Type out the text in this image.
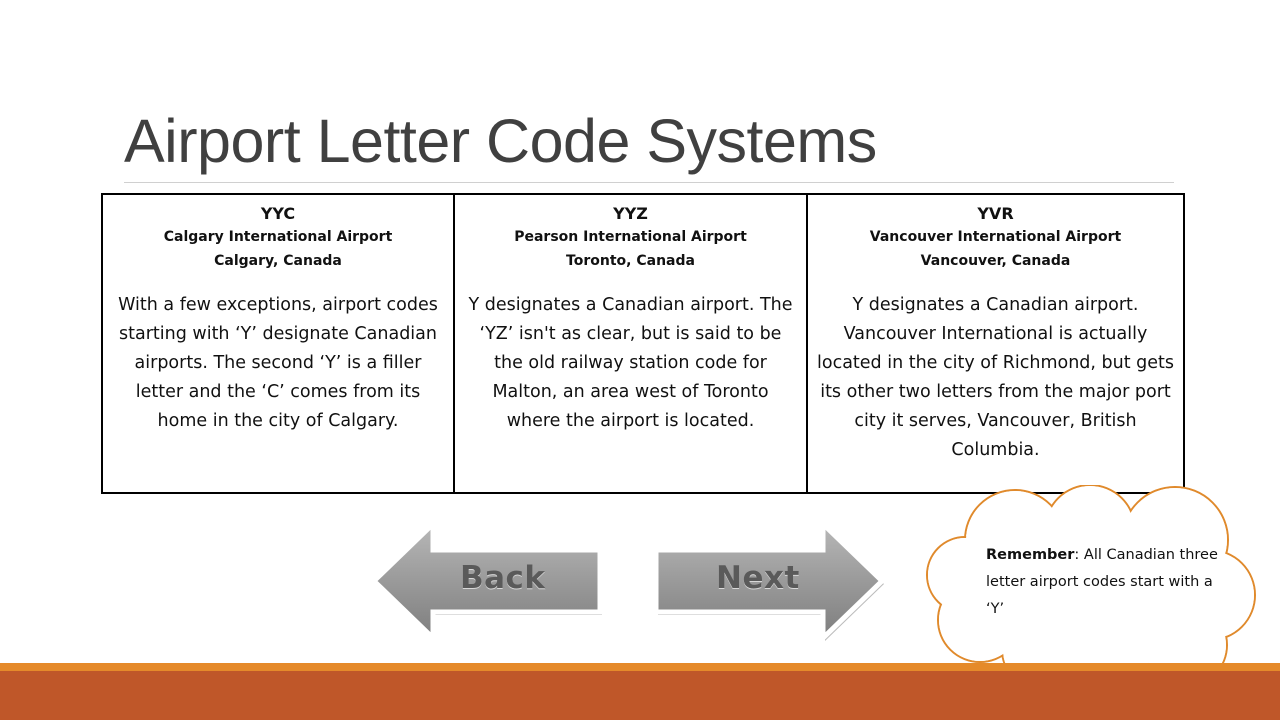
Airport Letter Code Systems
YYC
Calgary International Airport
Calgary, Canada
With a few exceptions, airport codes starting with ‘Y’ designate Canadian airports. The second ‘Y’ is a filler letter and the ‘C’ comes from its home in the city of Calgary.
YYZ
Pearson International Airport
Toronto, Canada
Y designates a Canadian airport. The ‘YZ’ isn't as clear, but is said to be the old railway station code for Malton, an area west of Toronto where the airport is located.
YVR
Vancouver International Airport
Vancouver, Canada
Y designates a Canadian airport. Vancouver International is actually located in the city of Richmond, but gets its other two letters from the major port city it serves, Vancouver, British Columbia.
Back	Next
Remember: All Canadian three letter airport codes start with a ‘Y’
